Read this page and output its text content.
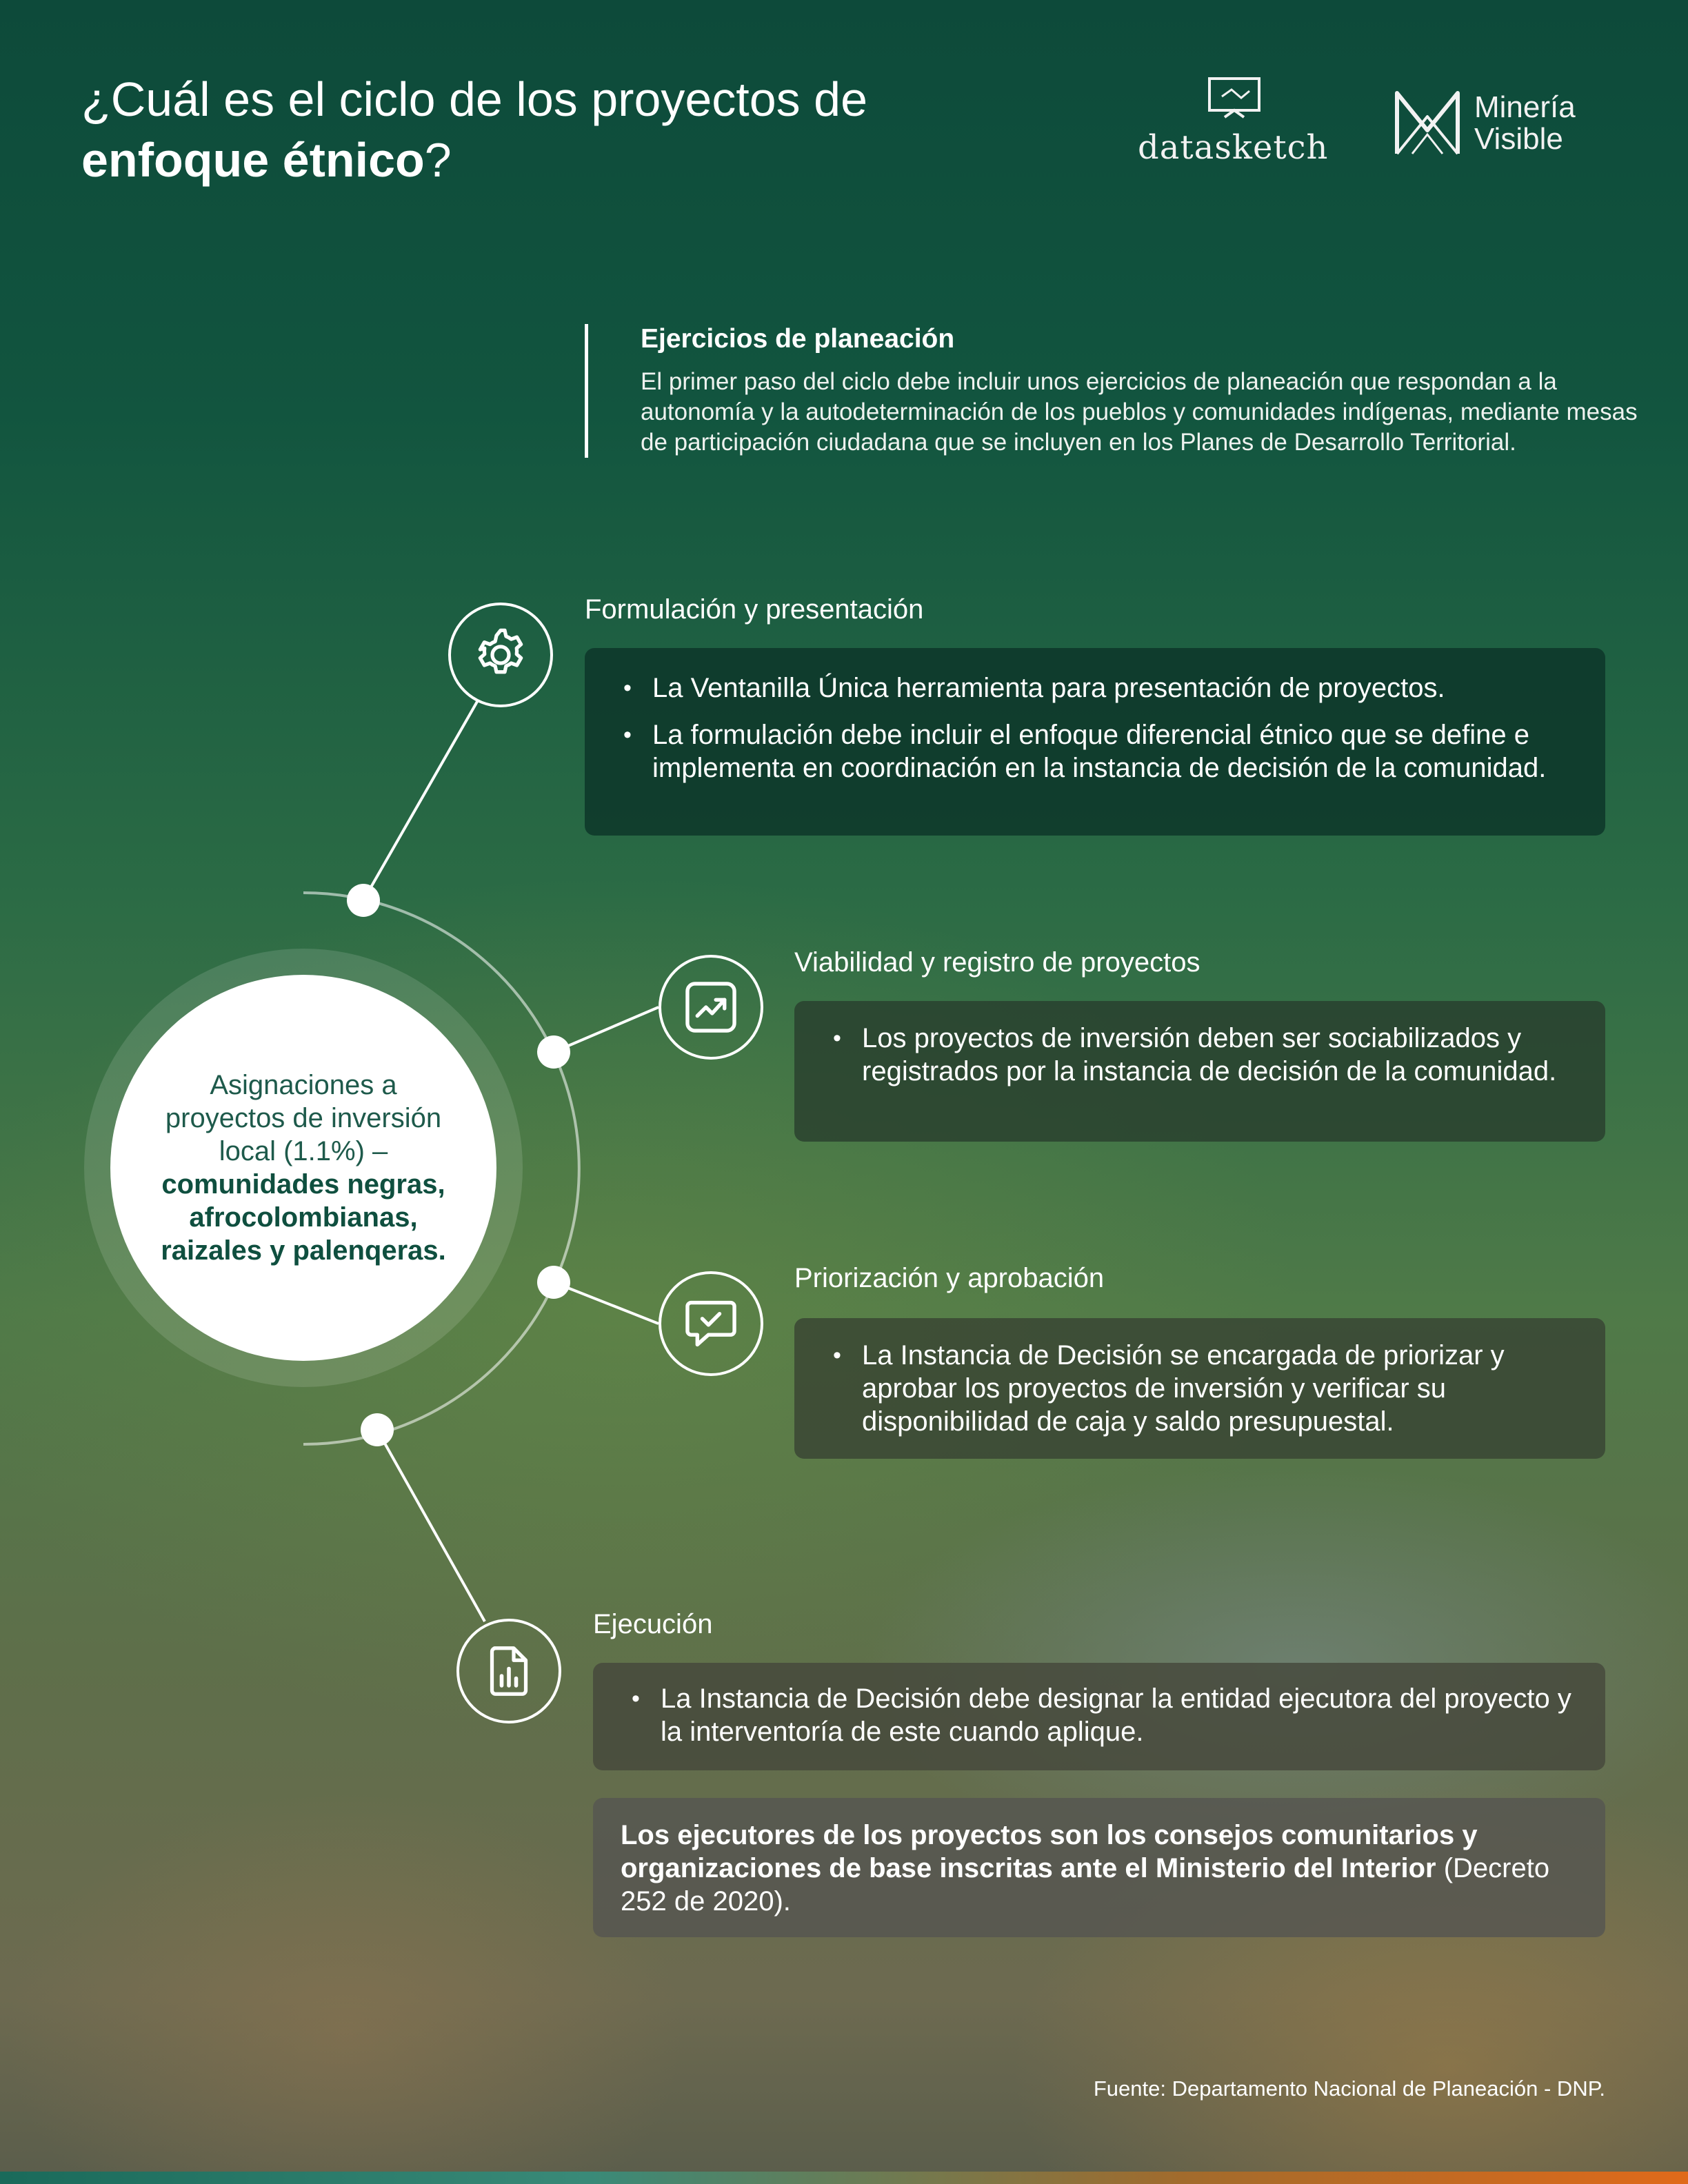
¿Cuál es el ciclo de los proyectos de
enfoque étnico?	datasketch
Minería
Visible
Ejercicios de planeación

El primer paso del ciclo debe incluir unos ejercicios de planeación que respondan a la autonomía y la autodeterminación de los pueblos y comunidades indígenas, mediante mesas de participación ciudadana que se incluyen en los Planes de Desarrollo Territorial.

Asignaciones a proyectos de inversión local (1.1%) – comunidades negras, afrocolombianas, raizales y palenqeras.
Formulación y presentación
• La Ventanilla Única herramienta para presentación de proyectos.
• La formulación debe incluir el enfoque diferencial étnico que se define e implementa en coordinación en la instancia de decisión de la comunidad.
Viabilidad y registro de proyectos
• Los proyectos de inversión deben ser sociabilizados y registrados por la instancia de decisión de la comunidad.
Priorización y aprobación
• La Instancia de Decisión se encargada de priorizar y aprobar los proyectos de inversión y verificar su disponibilidad de caja y saldo presupuestal.
Ejecución
• La Instancia de Decisión debe designar la entidad ejecutora del proyecto y la interventoría de este cuando aplique.
Los ejecutores de los proyectos son los consejos comunitarios y organizaciones de base inscritas ante el Ministerio del Interior (Decreto 252 de 2020).
Fuente: Departamento Nacional de Planeación - DNP.
